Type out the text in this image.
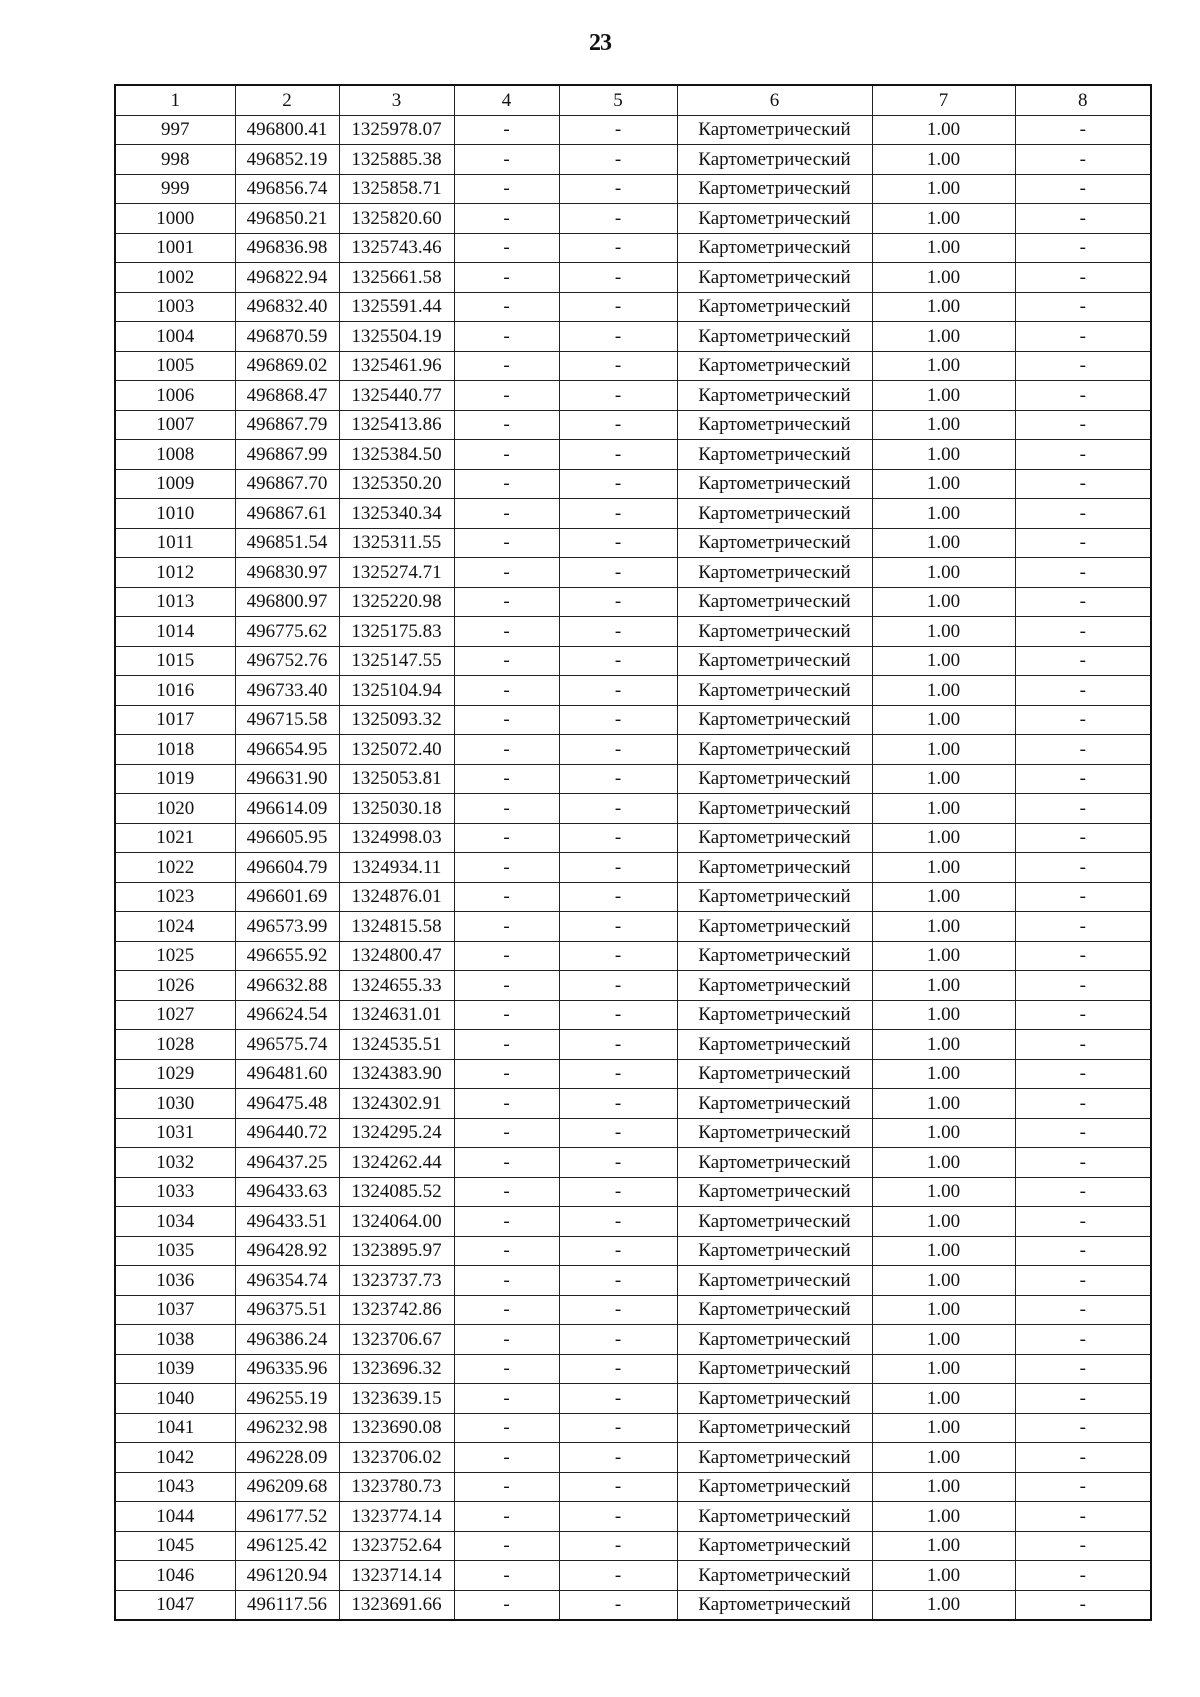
23
1	2	3	4	5	6	7	8
997	496800.41	1325978.07	-	-	Картометрический	1.00	-
998	496852.19	1325885.38	-	-	Картометрический	1.00	-
999	496856.74	1325858.71	-	-	Картометрический	1.00	-
1000	496850.21	1325820.60	-	-	Картометрический	1.00	-
1001	496836.98	1325743.46	-	-	Картометрический	1.00	-
1002	496822.94	1325661.58	-	-	Картометрический	1.00	-
1003	496832.40	1325591.44	-	-	Картометрический	1.00	-
1004	496870.59	1325504.19	-	-	Картометрический	1.00	-
1005	496869.02	1325461.96	-	-	Картометрический	1.00	-
1006	496868.47	1325440.77	-	-	Картометрический	1.00	-
1007	496867.79	1325413.86	-	-	Картометрический	1.00	-
1008	496867.99	1325384.50	-	-	Картометрический	1.00	-
1009	496867.70	1325350.20	-	-	Картометрический	1.00	-
1010	496867.61	1325340.34	-	-	Картометрический	1.00	-
1011	496851.54	1325311.55	-	-	Картометрический	1.00	-
1012	496830.97	1325274.71	-	-	Картометрический	1.00	-
1013	496800.97	1325220.98	-	-	Картометрический	1.00	-
1014	496775.62	1325175.83	-	-	Картометрический	1.00	-
1015	496752.76	1325147.55	-	-	Картометрический	1.00	-
1016	496733.40	1325104.94	-	-	Картометрический	1.00	-
1017	496715.58	1325093.32	-	-	Картометрический	1.00	-
1018	496654.95	1325072.40	-	-	Картометрический	1.00	-
1019	496631.90	1325053.81	-	-	Картометрический	1.00	-
1020	496614.09	1325030.18	-	-	Картометрический	1.00	-
1021	496605.95	1324998.03	-	-	Картометрический	1.00	-
1022	496604.79	1324934.11	-	-	Картометрический	1.00	-
1023	496601.69	1324876.01	-	-	Картометрический	1.00	-
1024	496573.99	1324815.58	-	-	Картометрический	1.00	-
1025	496655.92	1324800.47	-	-	Картометрический	1.00	-
1026	496632.88	1324655.33	-	-	Картометрический	1.00	-
1027	496624.54	1324631.01	-	-	Картометрический	1.00	-
1028	496575.74	1324535.51	-	-	Картометрический	1.00	-
1029	496481.60	1324383.90	-	-	Картометрический	1.00	-
1030	496475.48	1324302.91	-	-	Картометрический	1.00	-
1031	496440.72	1324295.24	-	-	Картометрический	1.00	-
1032	496437.25	1324262.44	-	-	Картометрический	1.00	-
1033	496433.63	1324085.52	-	-	Картометрический	1.00	-
1034	496433.51	1324064.00	-	-	Картометрический	1.00	-
1035	496428.92	1323895.97	-	-	Картометрический	1.00	-
1036	496354.74	1323737.73	-	-	Картометрический	1.00	-
1037	496375.51	1323742.86	-	-	Картометрический	1.00	-
1038	496386.24	1323706.67	-	-	Картометрический	1.00	-
1039	496335.96	1323696.32	-	-	Картометрический	1.00	-
1040	496255.19	1323639.15	-	-	Картометрический	1.00	-
1041	496232.98	1323690.08	-	-	Картометрический	1.00	-
1042	496228.09	1323706.02	-	-	Картометрический	1.00	-
1043	496209.68	1323780.73	-	-	Картометрический	1.00	-
1044	496177.52	1323774.14	-	-	Картометрический	1.00	-
1045	496125.42	1323752.64	-	-	Картометрический	1.00	-
1046	496120.94	1323714.14	-	-	Картометрический	1.00	-
1047	496117.56	1323691.66	-	-	Картометрический	1.00	-
